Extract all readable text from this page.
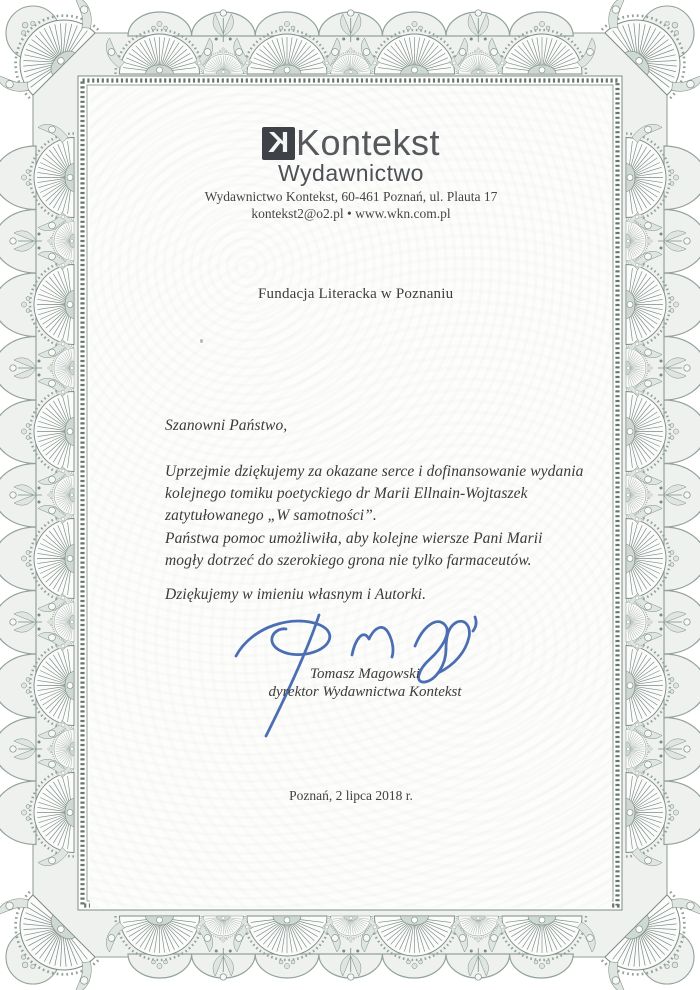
K Kontekst
Wydawnictwo
Wydawnictwo Kontekst, 60-461 Poznań, ul. Plauta 17
kontekst2@o2.pl • www.wkn.com.pl
Fundacja Literacka w Poznaniu
Szanowni Państwo,
Uprzejmie dziękujemy za okazane serce i dofinansowanie wydania
kolejnego tomiku poetyckiego dr Marii Ellnain-Wojtaszek
zatytułowanego „W samotności”.
Państwa pomoc umożliwiła, aby kolejne wiersze Pani Marii
mogły dotrzeć do szerokiego grona nie tylko farmaceutów.
Dziękujemy w imieniu własnym i Autorki.
Tomasz Magowski
dyrektor Wydawnictwa Kontekst
Poznań, 2 lipca 2018 r.
